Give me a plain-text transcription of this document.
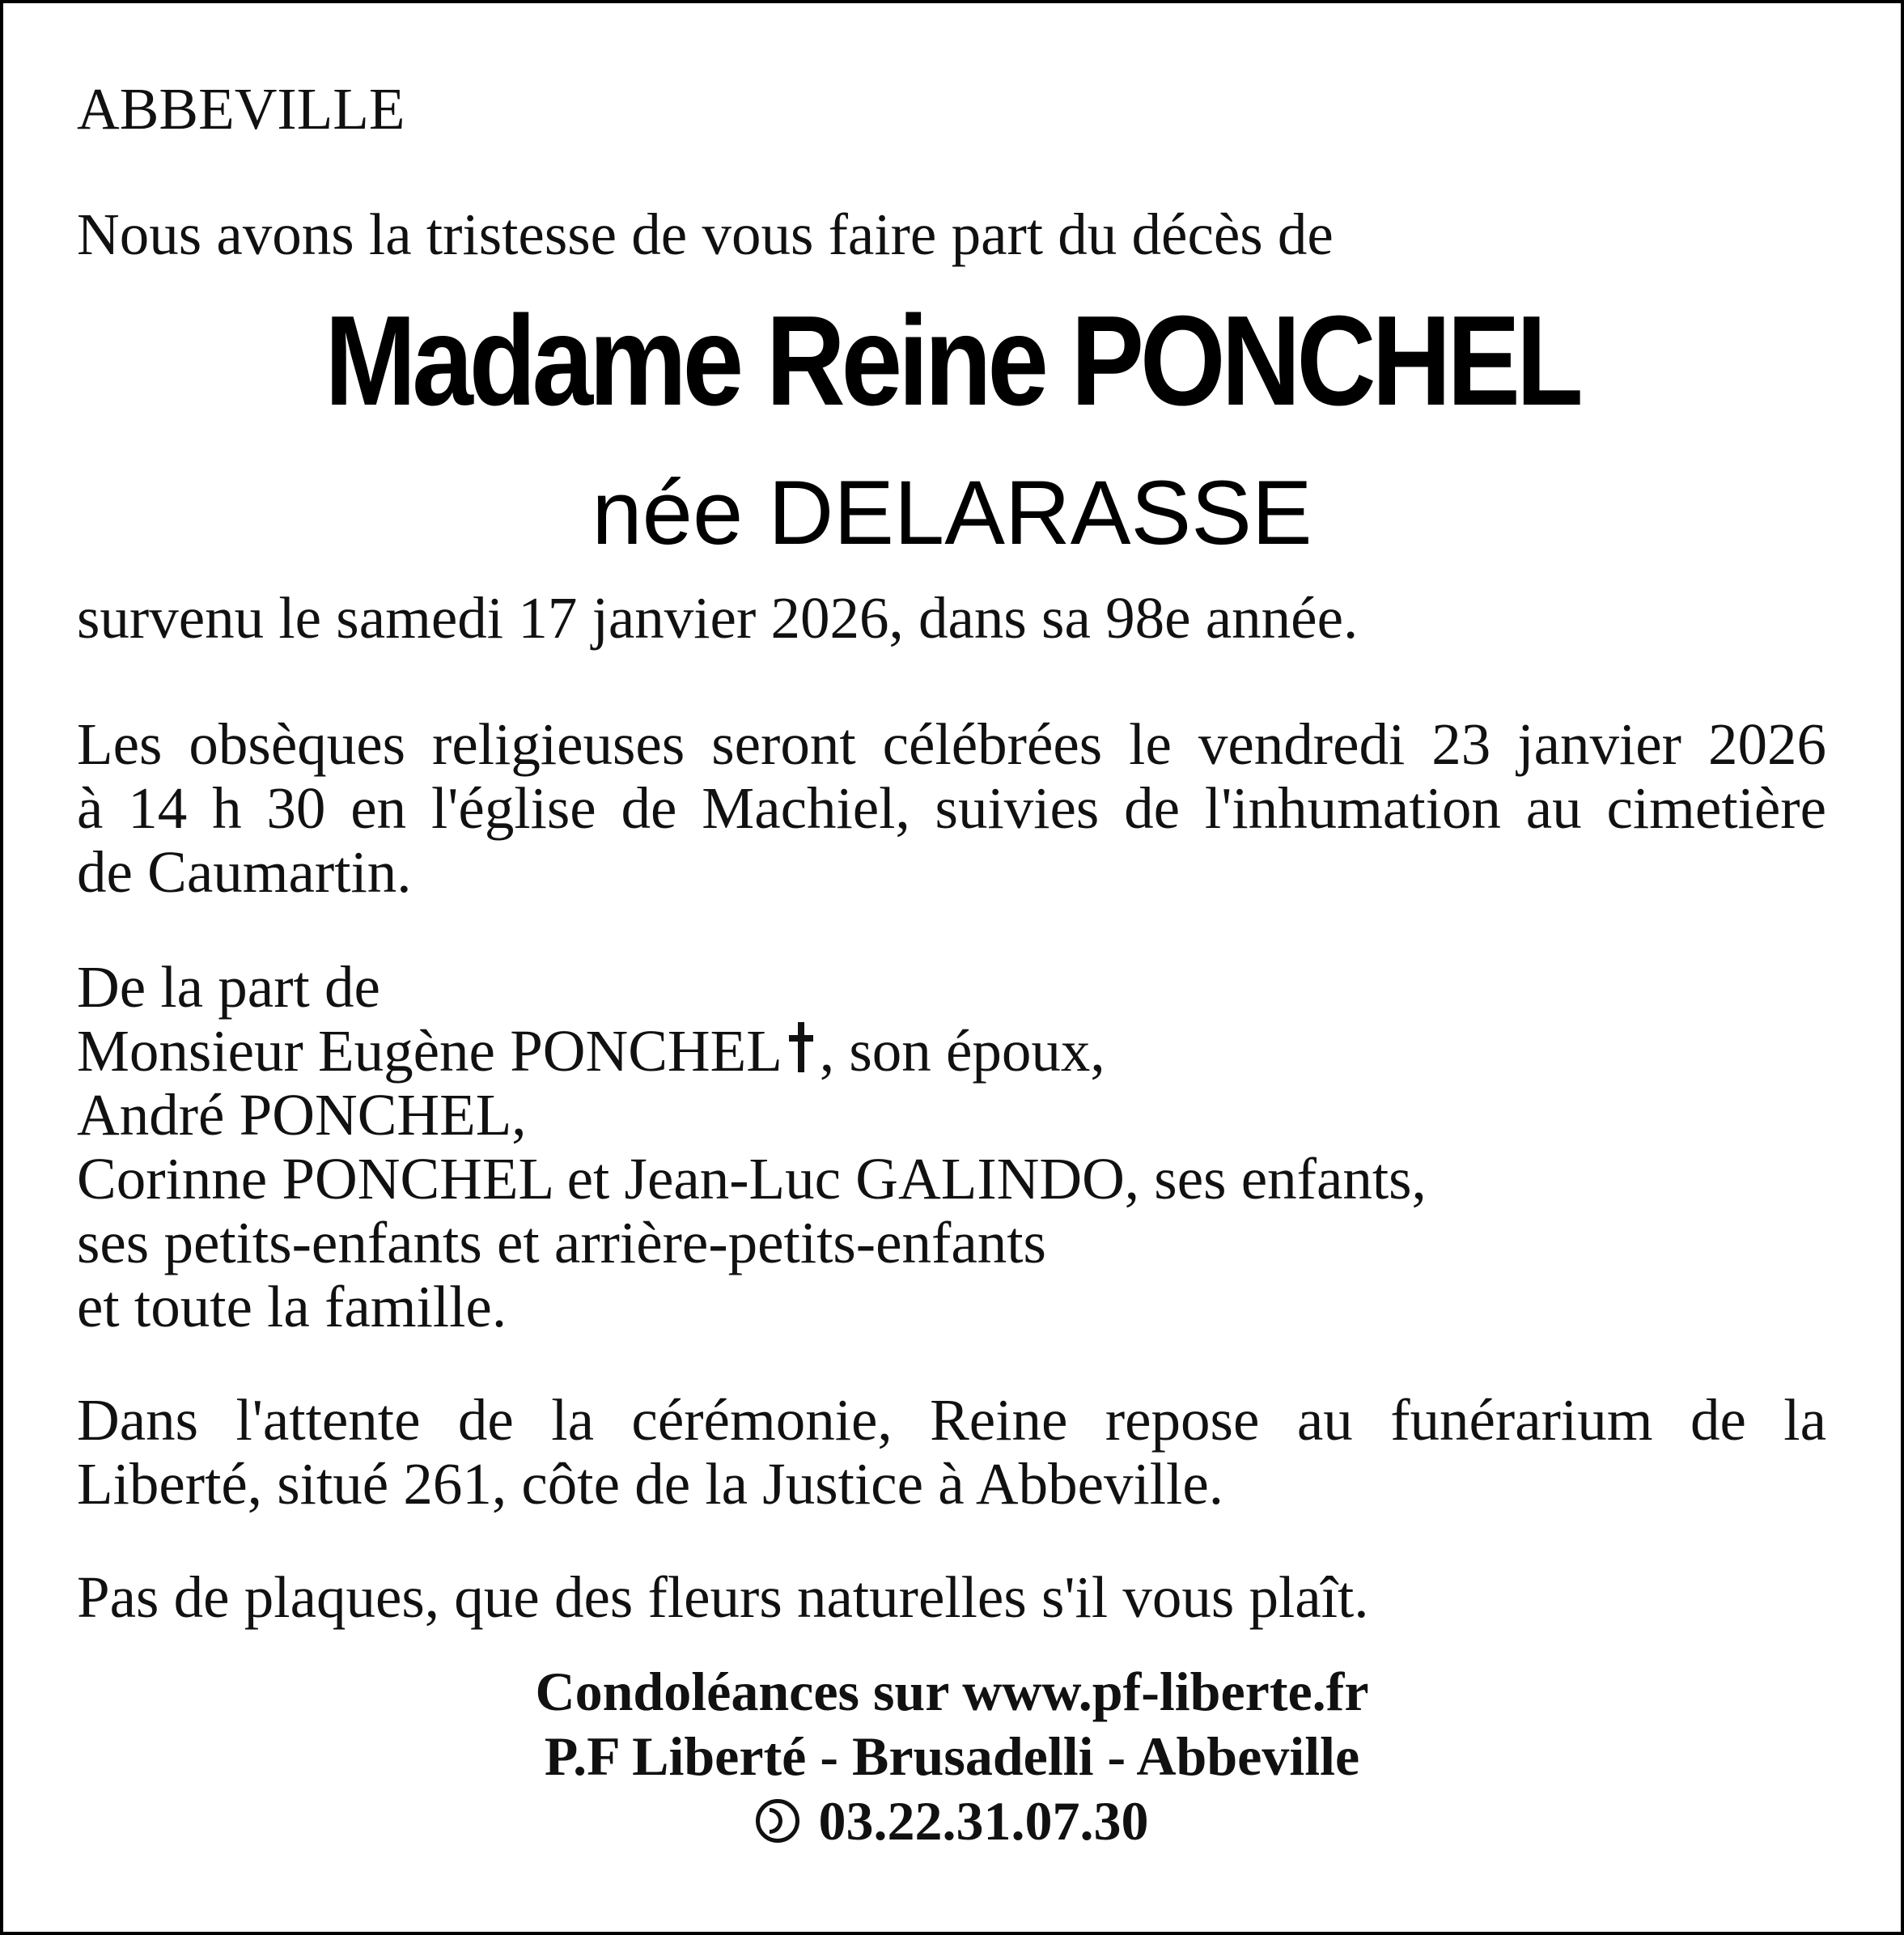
ABBEVILLE
Nous avons la tristesse de vous faire part du décès de
Madame Reine PONCHEL
née DELARASSE
survenu le samedi 17 janvier 2026, dans sa 98e année.
Les obsèques religieuses seront célébrées le vendredi 23 janvier 2026
à 14 h 30 en l'église de Machiel, suivies de l'inhumation au cimetière
de Caumartin.
De la part de
Monsieur Eugène PONCHEL , son époux,
André PONCHEL,
Corinne PONCHEL et Jean-Luc GALINDO, ses enfants,
ses petits-enfants et arrière-petits-enfants
et toute la famille.
Dans l'attente de la cérémonie, Reine repose au funérarium de la
Liberté, situé 261, côte de la Justice à Abbeville.
Pas de plaques, que des fleurs naturelles s'il vous plaît.
Condoléances sur www.pf-liberte.fr
P.F Liberté - Brusadelli - Abbeville
03.22.31.07.30
